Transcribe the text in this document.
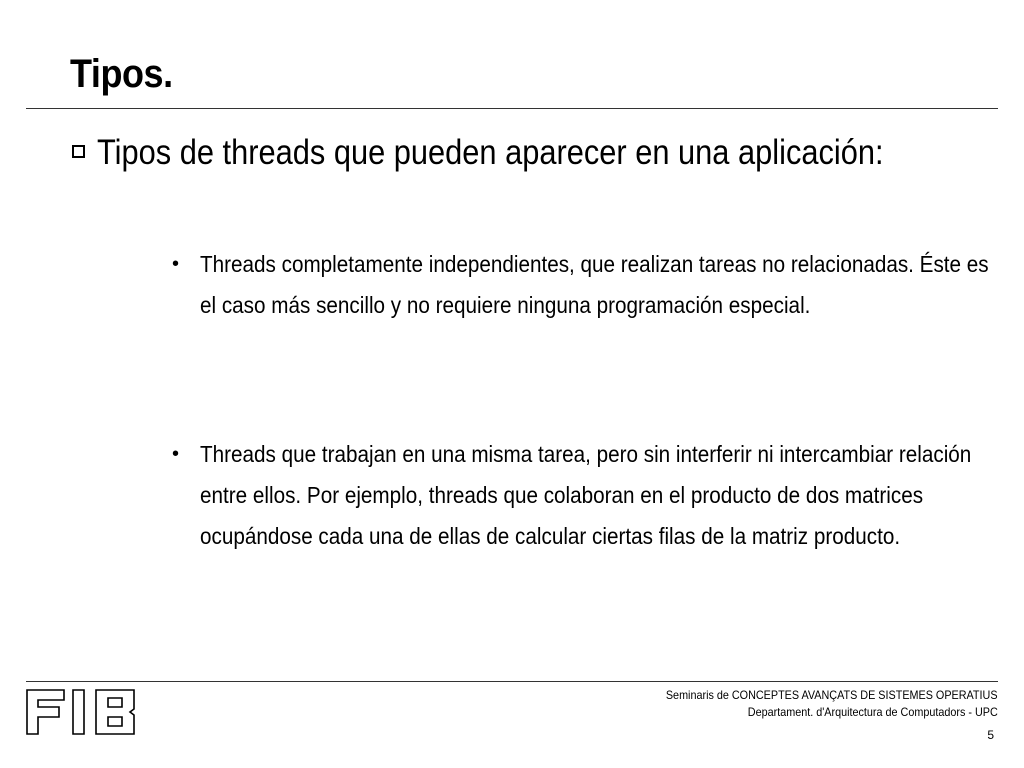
Tipos.
Tipos de threads que pueden aparecer en una aplicación:
• Threads completamente independientes, que realizan tareas no relacionadas. Éste es el caso más sencillo y no requiere ninguna programación especial.
• Threads que trabajan en una misma tarea, pero sin interferir ni intercambiar relación entre ellos. Por ejemplo, threads que colaboran en el producto de dos matrices ocupándose cada una de ellas de calcular ciertas filas de la matriz producto.
Seminaris de CONCEPTES AVANÇATS DE SISTEMES OPERATIUS
Departament. d'Arquitectura de Computadors - UPC
5
